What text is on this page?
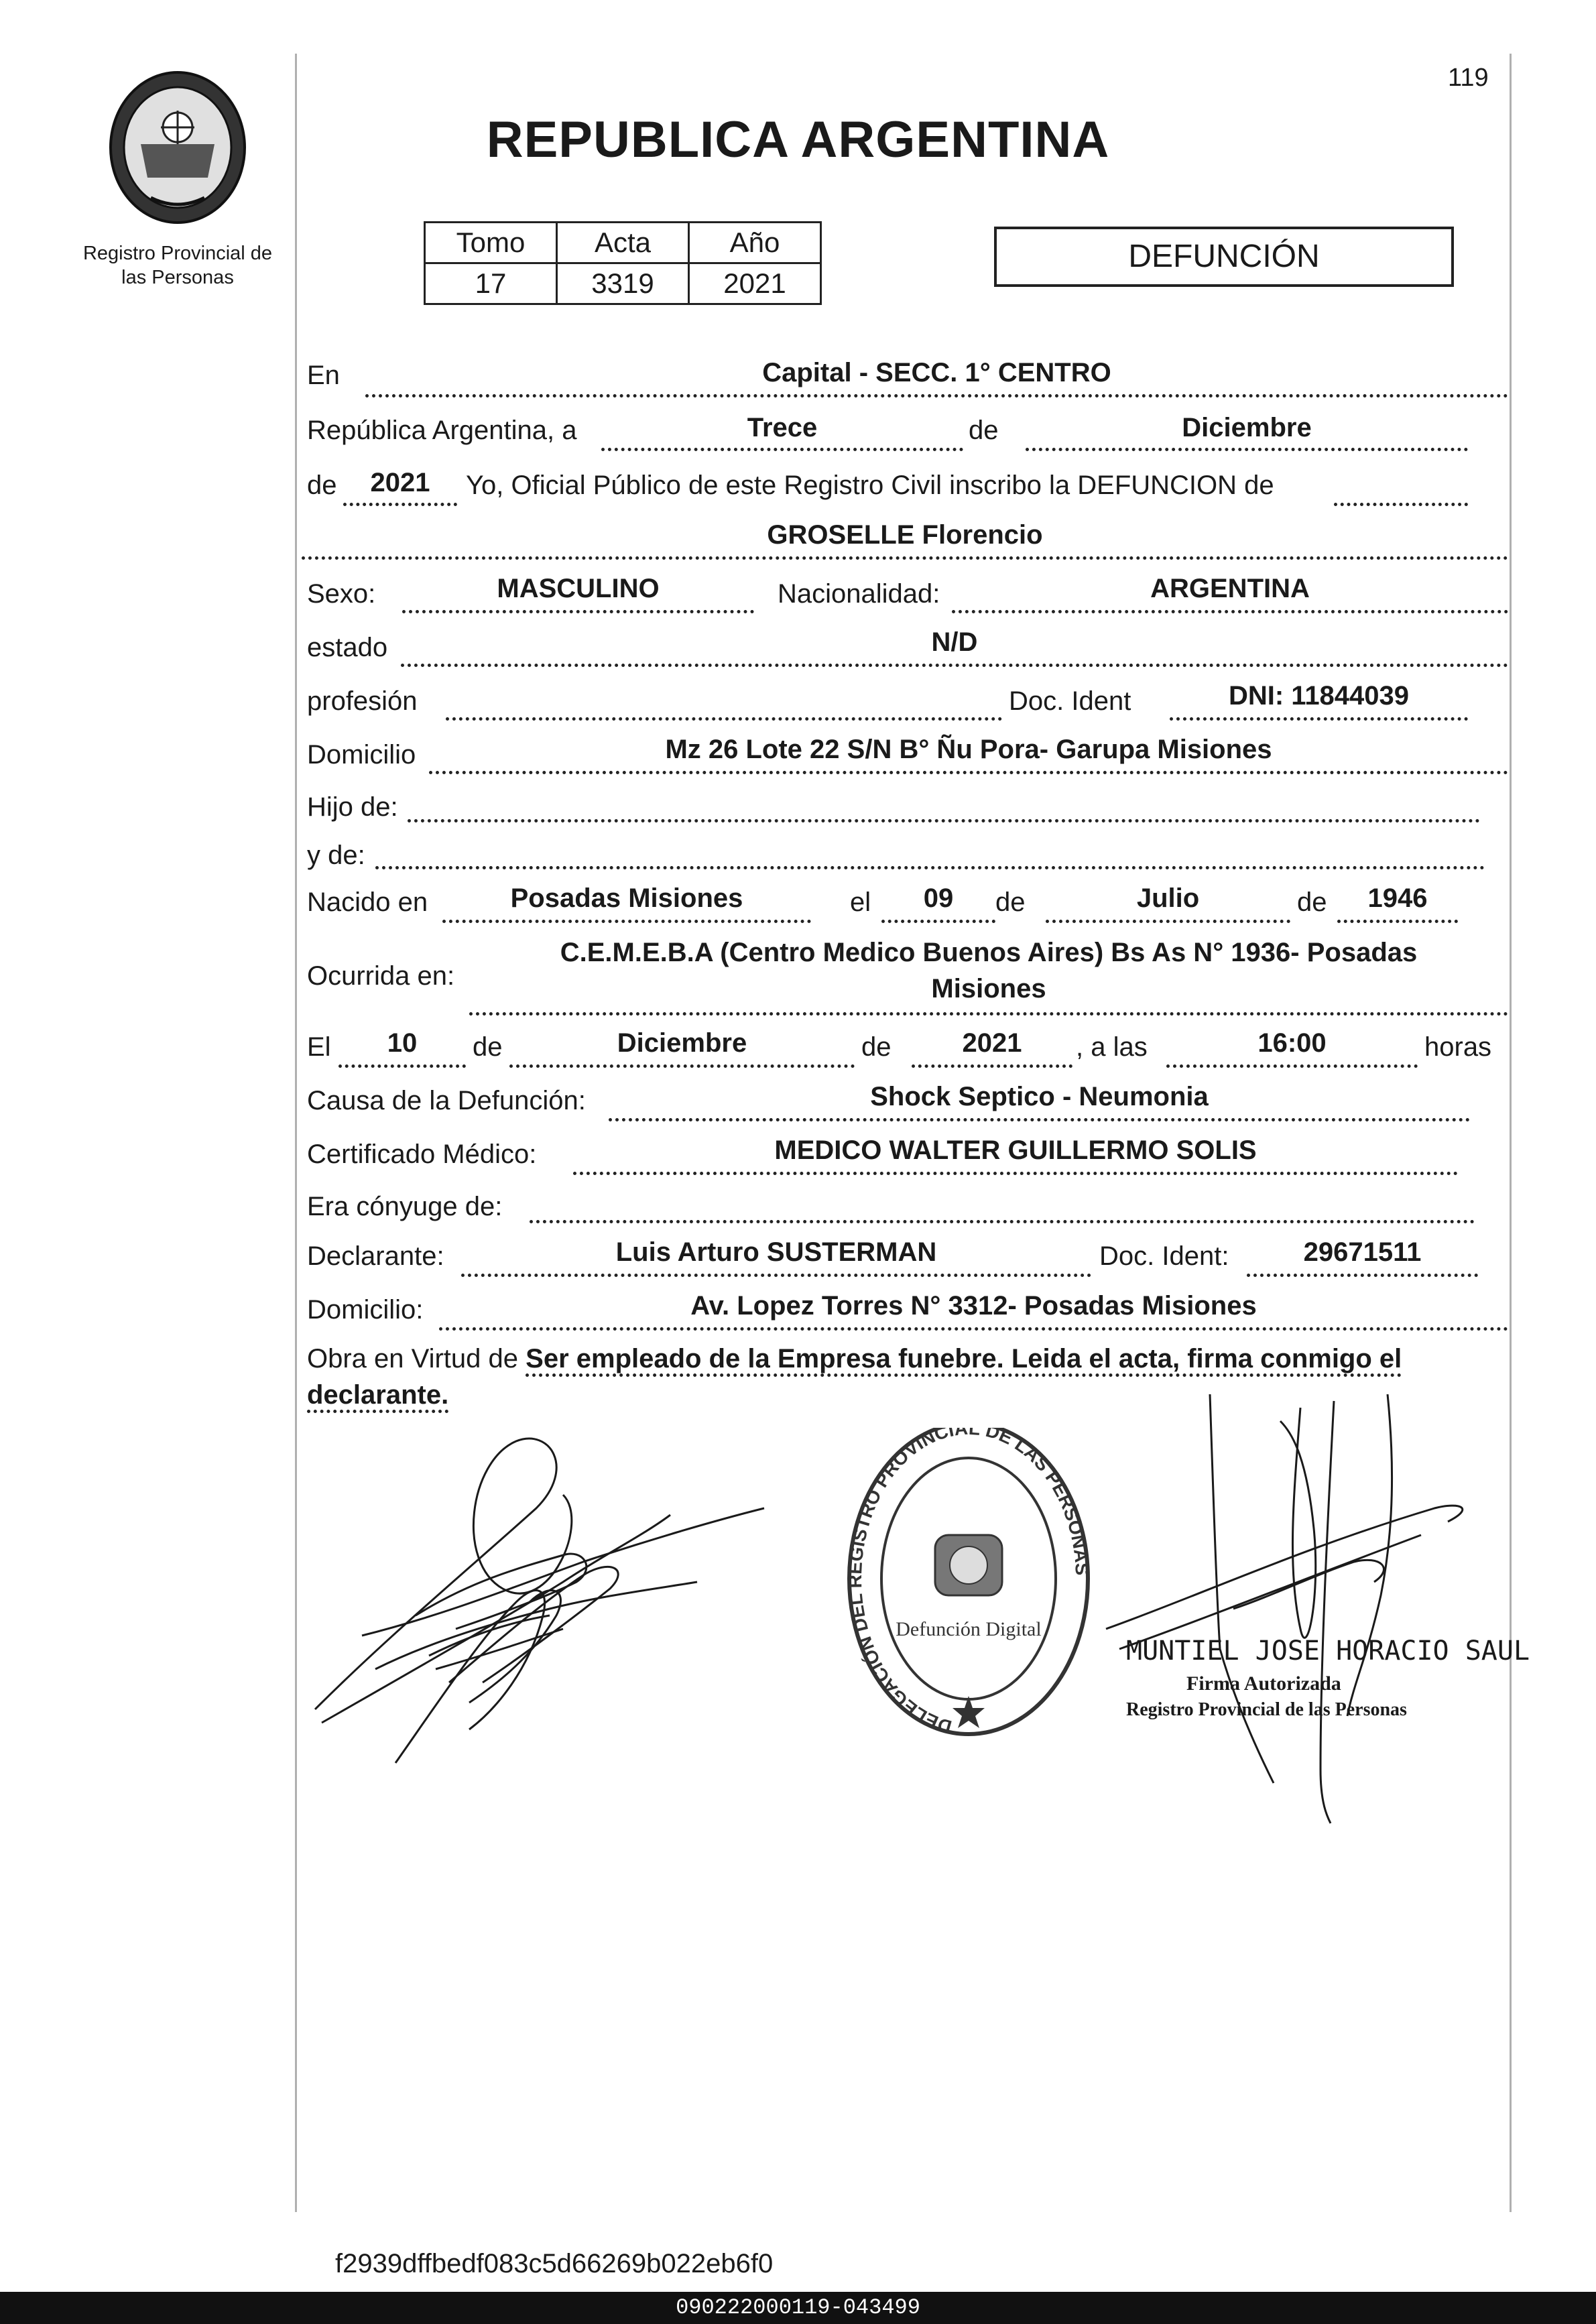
119
Registro Provincial de
las Personas
REPUBLICA ARGENTINA
Tomo	Acta	Año
17	3319	2021
DEFUNCIÓN
En	Capital - SECC. 1° CENTRO
República Argentina, a	Trece	de	Diciembre
de	2021	Yo, Oficial Público de este Registro Civil inscribo la DEFUNCION de
GROSELLE Florencio
Sexo:	MASCULINO	Nacionalidad:	ARGENTINA
estado	N/D
profesión	Doc. Ident	DNI: 11844039
Domicilio	Mz 26 Lote 22 S/N B° Ñu Pora- Garupa Misiones
Hijo de:
y de:
Nacido en	Posadas Misiones	el	09	de	Julio	de	1946
Ocurrida en:
C.E.M.E.B.A (Centro Medico Buenos Aires) Bs As N° 1936- Posadas
Misiones
El	10	de	Diciembre	de	2021	, a las	16:00	horas
Causa de la Defunción:	Shock Septico - Neumonia
Certificado Médico:	MEDICO WALTER GUILLERMO SOLIS
Era cónyuge de:
Declarante:	Luis Arturo SUSTERMAN	Doc. Ident:	29671511
Domicilio:	Av. Lopez Torres N° 3312- Posadas Misiones
Obra en Virtud de Ser empleado de la Empresa funebre. Leida el acta, firma conmigo el declarante.
DELEGACIÓN DEL REGISTRO PROVINCIAL DE LAS PERSONAS
Defunción Digital
MUNTIEL JOSE HORACIO SAUL
Firma Autorizada
Registro Provincial de las Personas
f2939dffbedf083c5d66269b022eb6f0
090222000119-043499
